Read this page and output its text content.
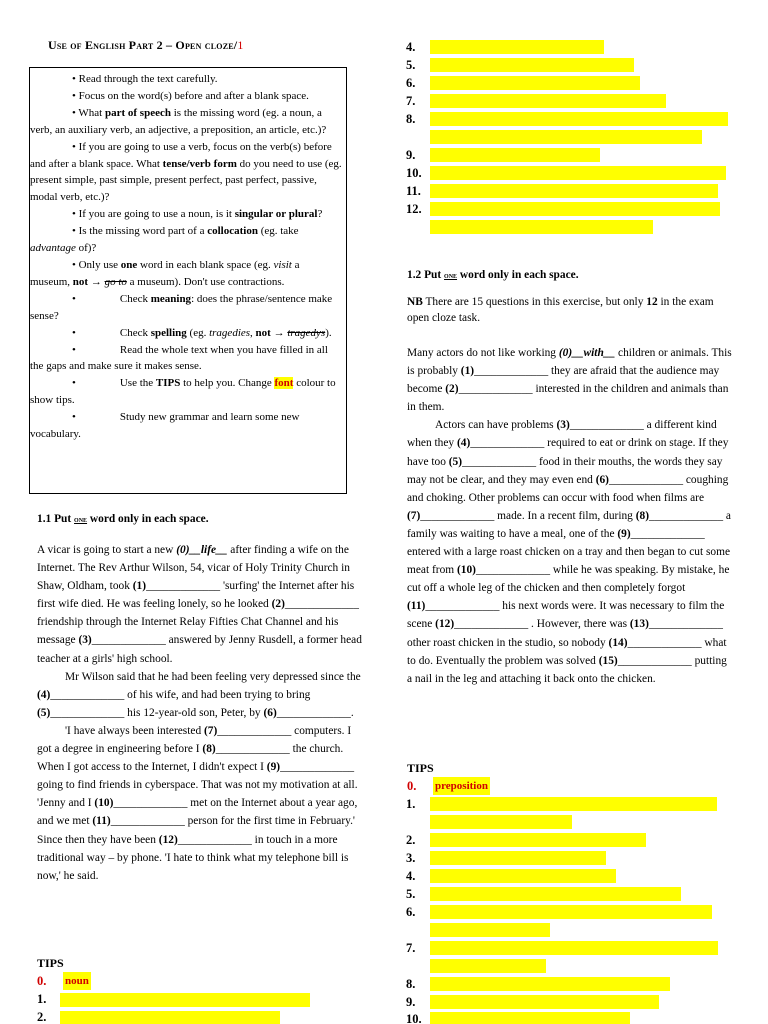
Use of English Part 2 – Open cloze/1

• Read through the text carefully.

• Focus on the word(s) before and after a blank space.

• What part of speech is the missing word (eg. a noun, a verb, an auxiliary verb, an adjective, a preposition, an article, etc.)?

• If you are going to use a verb, focus on the verb(s) before and after a blank space. What tense/verb form do you need to use (eg. present simple, past simple, present perfect, past perfect, passive, modal verb, etc.)?

• If you are going to use a noun, is it singular or plural?

• Is the missing word part of a collocation (eg. take advantage of)?

• Only use one word in each blank space (eg. visit a museum, not → go to a museum). Don't use contractions.

•	Check meaning: does the phrase/sentence make sense?

•	Check spelling (eg. tragedies, not → tragedys).

•	Read the whole text when you have filled in all the gaps and make sure it makes sense.

•	Use the TIPS to help you. Change font colour to show tips.

•	Study new grammar and learn some new vocabulary.

1.1 Put one word only in each space.

A vicar is going to start a new (0)__life__ after finding a wife on the Internet. The Rev Arthur Wilson, 54, vicar of Holy Trinity Church in Shaw, Oldham, took (1)_____________ 'surfing' the Internet after his first wife died. He was feeling lonely, so he looked (2)_____________ friendship through the Internet Relay Fifties Chat Channel and his message (3)_____________ answered by Jenny Rusdell, a former head teacher at a girls' high school.

Mr Wilson said that he had been feeling very depressed since the (4)_____________ of his wife, and had been trying to bring (5)_____________ his 12-year-old son, Peter, by (6)_____________.

'I have always been interested (7)_____________ computers. I got a degree in engineering before I (8)_____________ the church. When I got access to the Internet, I didn't expect I (9)_____________ going to find friends in cyberspace. That was not my motivation at all. 'Jenny and I (10)_____________ met on the Internet about a year ago, and we met (11)_____________ person for the first time in February.' Since then they have been (12)_____________ in touch in a more traditional way – by phone. 'I hate to think what my telephone bill is now,' he said.

TIPS
0.	noun
1.
2.
4.
5.
6.
7.
8.
9.
10.
11.
12.
1.2 Put one word only in each space.
NB There are 15 questions in this exercise, but only 12 in the exam open cloze task.

Many actors do not like working (0)__with__ children or animals. This is probably (1)_____________ they are afraid that the audience may become (2)_____________ interested in the children and animals than in them.

Actors can have problems (3)_____________ a different kind when they (4)_____________ required to eat or drink on stage. If they have too (5)_____________ food in their mouths, the words they say may not be clear, and they may even end (6)_____________ coughing and choking. Other problems can occur with food when films are (7)_____________ made. In a recent film, during (8)_____________ a family was waiting to have a meal, one of the (9)_____________ entered with a large roast chicken on a tray and then began to cut some meat from (10)_____________ while he was speaking. By mistake, he cut off a whole leg of the chicken and then completely forgot (11)_____________ his next words were. It was necessary to film the scene (12)_____________ . However, there was (13)_____________ other roast chicken in the studio, so nobody (14)_____________ what to do. Eventually the problem was solved (15)_____________ putting a nail in the leg and attaching it back onto the chicken.

TIPS
0.	preposition
1.
2.
3.
4.
5.
6.
7.
8.
9.
10.
